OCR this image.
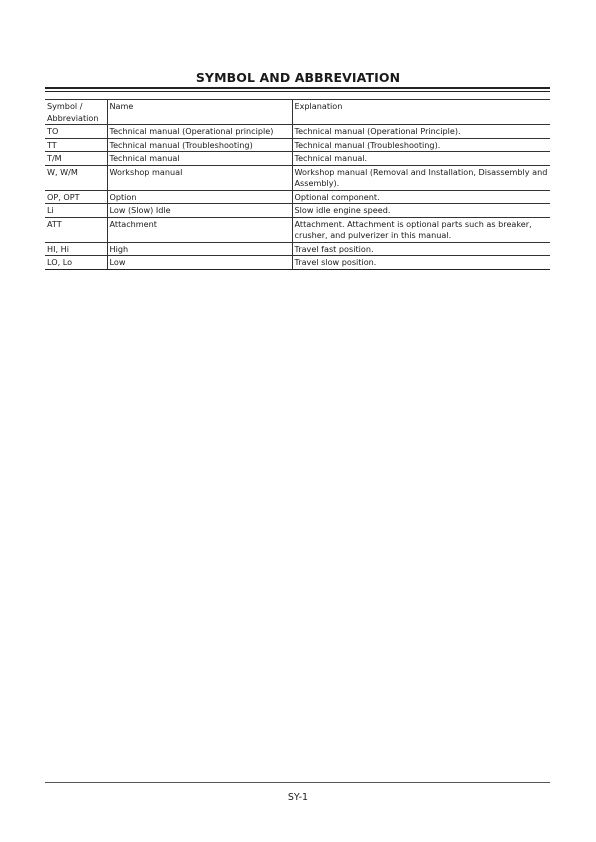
SYMBOL AND ABBREVIATION
Symbol / Abbreviation	Name	Explanation
TO	Technical manual (Operational principle)	Technical manual (Operational Principle).
TT	Technical manual (Troubleshooting)	Technical manual (Troubleshooting).
T/M	Technical manual	Technical manual.
W, W/M	Workshop manual	Workshop manual (Removal and Installation, Disassembly and Assembly).
OP, OPT	Option	Optional component.
Li	Low (Slow) Idle	Slow idle engine speed.
ATT	Attachment	Attachment. Attachment is optional parts such as breaker, crusher, and pulverizer in this manual.
HI, Hi	High	Travel fast position.
LO, Lo	Low	Travel slow position.
SY-1
